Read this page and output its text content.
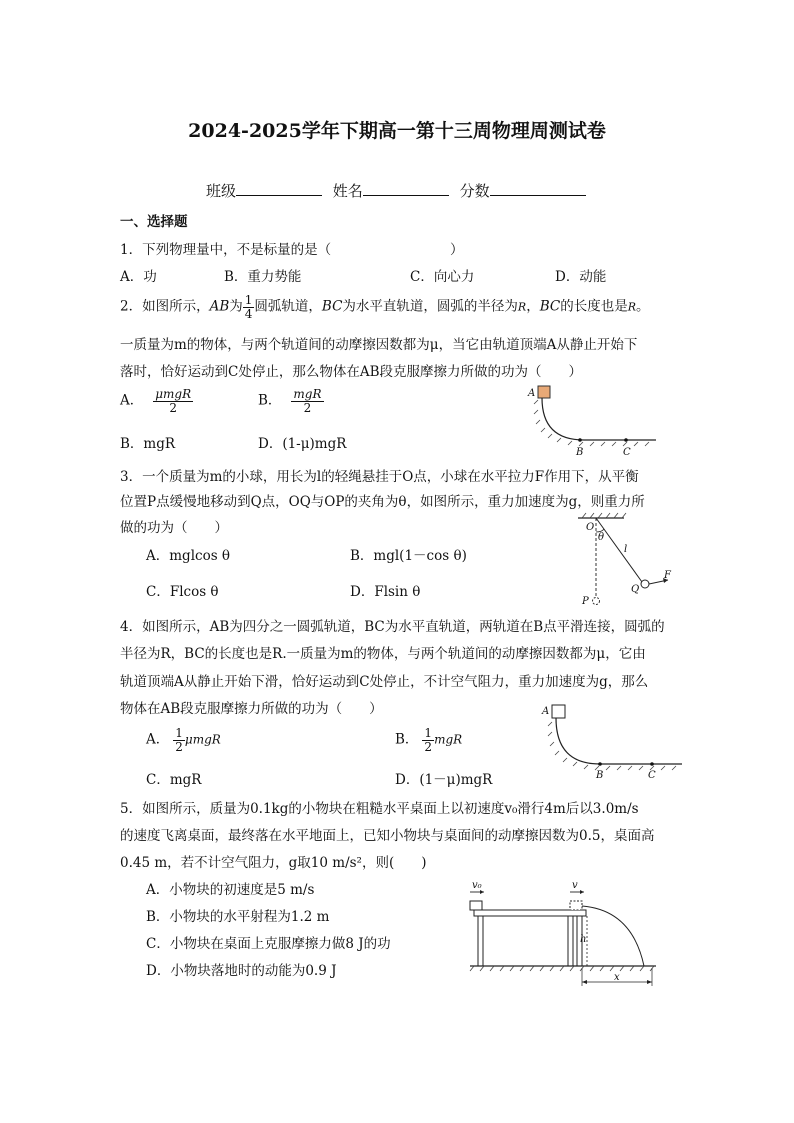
2024-2025学年下期高一第十三周物理周测试卷
班级	姓名	分数
一、选择题
1．下列物理量中，不是标量的是（	）
A．功	B．重力势能	C．向心力	D．动能
2．如图所示，AB为 $\frac{1}{4}$ 圆弧轨道，BC为水平直轨道，圆弧的半径为R，BC的长度也是R。
一质量为m的物体，与两个轨道间的动摩擦因数都为μ，当它由轨道顶端A从静止开始下
落时，恰好运动到C处停止，那么物体在AB段克服摩擦力所做的功为（　　）
A． $\frac{\text{μmgR}}{2}$	B． $\frac{\text{mgR}}{2}$
B．mgR	D．(1-μ)mgR
A
B	C
3．一个质量为m的小球，用长为l的轻绳悬挂于O点，小球在水平拉力F作用下，从平衡
位置P点缓慢地移动到Q点，OQ与OP的夹角为θ，如图所示，重力加速度为g，则重力所
做的功为（　　）
A．mglcos θ	B．mgl(1－cos θ)
C．Flcos θ	D．Flsin θ
O
θ
l
P
Q
F
4．如图所示，AB为四分之一圆弧轨道，BC为水平直轨道，两轨道在B点平滑连接，圆弧的
半径为R，BC的长度也是R.一质量为m的物体，与两个轨道间的动摩擦因数都为μ，它由
轨道顶端A从静止开始下滑，恰好运动到C处停止，不计空气阻力，重力加速度为g，那么
物体在AB段克服摩擦力所做的功为（　　）
A． $\frac{1}{2}$ μmgR	B． $\frac{1}{2}$ mgR
C．mgR	D．(1－μ)mgR
A
B	C
5．如图所示，质量为0.1kg的小物块在粗糙水平桌面上以初速度v₀滑行4m后以3.0m/s
的速度飞离桌面，最终落在水平地面上，已知小物块与桌面间的动摩擦因数为0.5，桌面高
0.45 m，若不计空气阻力，g取10 m/s²，则(　　)
A．小物块的初速度是5 m/s
B．小物块的水平射程为1.2 m
C．小物块在桌面上克服摩擦力做8 J的功
D．小物块落地时的动能为0.9 J
v₀	v
h
x
